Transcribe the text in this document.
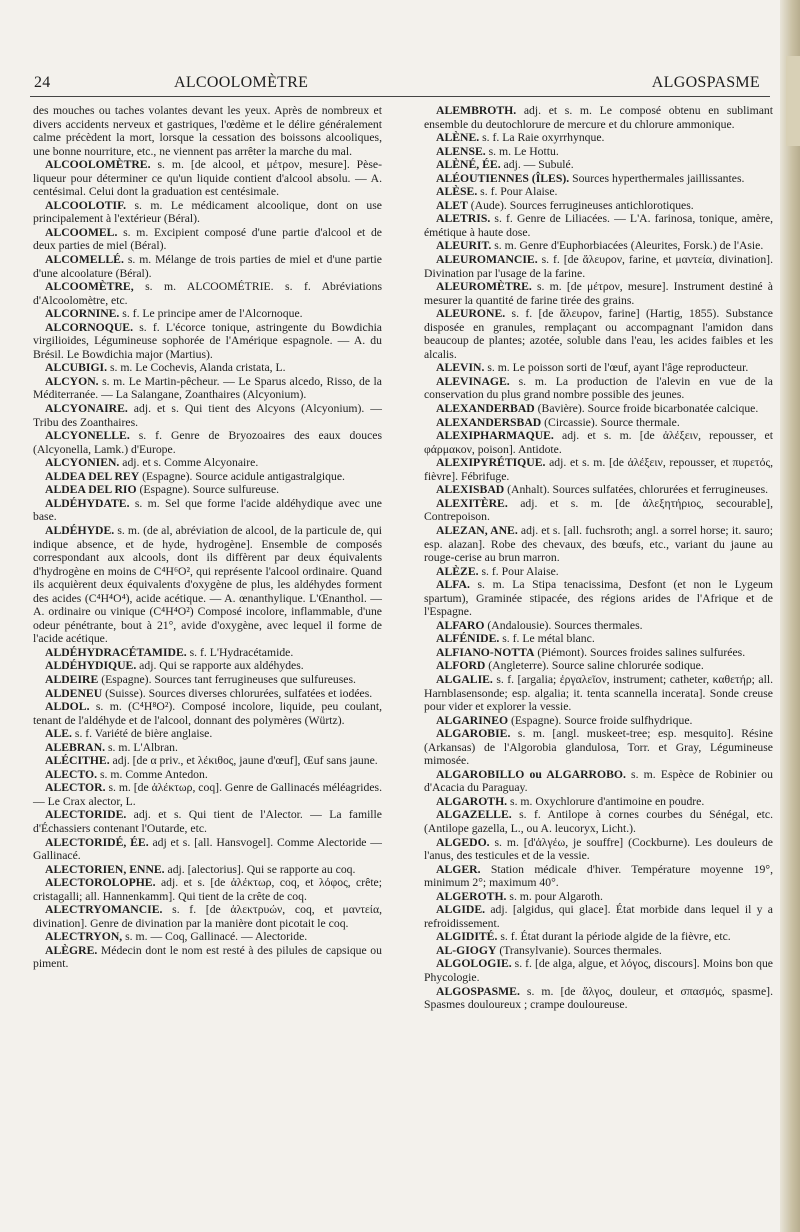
24	ALCOOLOMÈTRE	ALGOSPASME

des mouches ou taches volantes devant les yeux. Après de nombreux et divers accidents nerveux et gastriques, l'œdème et le délire généralement calme précèdent la mort, lorsque la cessation des boissons alcooliques, une bonne nourriture, etc., ne viennent pas arrêter la marche du mal.

ALCOOLOMÈTRE. s. m. [de alcool, et μέτρον, mesure]. Pèse-liqueur pour déterminer ce qu'un liquide contient d'alcool absolu. — A. centésimal. Celui dont la graduation est centésimale.

ALCOOLOTIF. s. m. Le médicament alcoolique, dont on use principalement à l'extérieur (Béral).

ALCOOMEL. s. m. Excipient composé d'une partie d'alcool et de deux parties de miel (Béral).

ALCOMELLÉ. s. m. Mélange de trois parties de miel et d'une partie d'une alcoolature (Béral).

ALCOOMÈTRE, s. m. ALCOOMÉTRIE. s. f. Abréviations d'Alcoolomètre, etc.

ALCORNINE. s. f. Le principe amer de l'Alcornoque.

ALCORNOQUE. s. f. L'écorce tonique, astringente du Bowdichia virgilioides, Légumineuse sophorée de l'Amérique espagnole. — A. du Brésil. Le Bowdichia major (Martius).

ALCUBIGI. s. m. Le Cochevis, Alanda cristata, L.

ALCYON. s. m. Le Martin-pêcheur. — Le Sparus alcedo, Risso, de la Méditerranée. — La Salangane, Zoanthaires (Alcyonium).

ALCYONAIRE. adj. et s. Qui tient des Alcyons (Alcyonium). — Tribu des Zoanthaires.

ALCYONELLE. s. f. Genre de Bryozoaires des eaux douces (Alcyonella, Lamk.) d'Europe.

ALCYONIEN. adj. et s. Comme Alcyonaire.

ALDEA DEL REY (Espagne). Source acidule antigastralgique.

ALDEA DEL RIO (Espagne). Source sulfureuse.

ALDÉHYDATE. s. m. Sel que forme l'acide aldéhydique avec une base.

ALDÉHYDE. s. m. (de al, abréviation de alcool, de la particule de, qui indique absence, et de hyde, hydrogène]. Ensemble de composés correspondant aux alcools, dont ils diffèrent par deux équivalents d'hydrogène en moins de C⁴H⁶O², qui représente l'alcool ordinaire. Quand ils acquièrent deux équivalents d'oxygène de plus, les aldéhydes forment des acides (C⁴H⁴O⁴), acide acétique. — A. œnanthylique. L'Œnanthol. — A. ordinaire ou vinique (C⁴H⁴O²) Composé incolore, inflammable, d'une odeur pénétrante, bout à 21°, avide d'oxygène, avec lequel il forme de l'acide acétique.

ALDÉHYDRACÉTAMIDE. s. f. L'Hydracétamide.

ALDÉHYDIQUE. adj. Qui se rapporte aux aldéhydes.

ALDEIRE (Espagne). Sources tant ferrugineuses que sulfureuses.

ALDENEU (Suisse). Sources diverses chlorurées, sulfatées et iodées.

ALDOL. s. m. (C⁴H⁸O²). Composé incolore, liquide, peu coulant, tenant de l'aldéhyde et de l'alcool, donnant des polymères (Würtz).

ALE. s. f. Variété de bière anglaise.

ALEBRAN. s. m. L'Albran.

ALÉCITHE. adj. [de α priv., et λέκιθος, jaune d'œuf], Œuf sans jaune.

ALECTO. s. m. Comme Antedon.

ALECTOR. s. m. [de ἀλέκτωρ, coq]. Genre de Gallinacés méléagrides. — Le Crax alector, L.

ALECTORIDE. adj. et s. Qui tient de l'Alector. — La famille d'Échassiers contenant l'Outarde, etc.

ALECTORIDÉ, ÉE. adj et s. [all. Hansvogel]. Comme Alectoride — Gallinacé.

ALECTORIEN, ENNE. adj. [alectorius]. Qui se rapporte au coq.

ALECTOROLOPHE. adj. et s. [de ἀλέκτωρ, coq, et λόφος, crête; cristagalli; all. Hannenkamm]. Qui tient de la crête de coq.

ALECTRYOMANCIE. s. f. [de ἀλεκτρυών, coq, et μαντεία, divination]. Genre de divination par la manière dont picotait le coq.

ALECTRYON, s. m. — Coq, Gallinacé. — Alectoride.

ALÈGRE. Médecin dont le nom est resté à des pilules de capsique ou piment.

ALEMBROTH. adj. et s. m. Le composé obtenu en sublimant ensemble du deutochlorure de mercure et du chlorure ammonique.

ALÈNE. s. f. La Raie oxyrrhynque.

ALENSE. s. m. Le Hottu.

ALÈNÉ, ÉE. adj. — Subulé.

ALÉOUTIENNES (ÎLES). Sources hyperthermales jaillissantes.

ALÈSE. s. f. Pour Alaise.

ALET (Aude). Sources ferrugineuses antichlorotiques.

ALETRIS. s. f. Genre de Liliacées. — L'A. farinosa, tonique, amère, émétique à haute dose.

ALEURIT. s. m. Genre d'Euphorbiacées (Aleurites, Forsk.) de l'Asie.

ALEUROMANCIE. s. f. [de ἄλευρον, farine, et μαντεία, divination]. Divination par l'usage de la farine.

ALEUROMÈTRE. s. m. [de μέτρον, mesure]. Instrument destiné à mesurer la quantité de farine tirée des grains.

ALEURONE. s. f. [de ἄλευρον, farine] (Hartig, 1855). Substance disposée en granules, remplaçant ou accompagnant l'amidon dans beaucoup de plantes; azotée, soluble dans l'eau, les acides faibles et les alcalis.

ALEVIN. s. m. Le poisson sorti de l'œuf, ayant l'âge reproducteur.

ALEVINAGE. s. m. La production de l'alevin en vue de la conservation du plus grand nombre possible des jeunes.

ALEXANDERBAD (Bavière). Source froide bicarbonatée calcique.

ALEXANDERSBAD (Circassie). Source thermale.

ALEXIPHARMAQUE. adj. et s. m. [de ἀλέξειν, repousser, et φάρμακον, poison]. Antidote.

ALEXIPYRÉTIQUE. adj. et s. m. [de ἀλέξειν, repousser, et πυρετός, fièvre]. Fébrifuge.

ALEXISBAD (Anhalt). Sources sulfatées, chlorurées et ferrugineuses.

ALEXITÈRE. adj. et s. m. [de ἀλεξητήριος, secourable], Contrepoison.

ALEZAN, ANE. adj. et s. [all. fuchsroth; angl. a sorrel horse; it. sauro; esp. alazan]. Robe des chevaux, des bœufs, etc., variant du jaune au rouge-cerise au brun marron.

ALÈZE. s. f. Pour Alaise.

ALFA. s. m. La Stipa tenacissima, Desfont (et non le Lygeum spartum), Graminée stipacée, des régions arides de l'Afrique et de l'Espagne.

ALFARO (Andalousie). Sources thermales.

ALFÉNIDE. s. f. Le métal blanc.

ALFIANO-NOTTA (Piémont). Sources froides salines sulfurées.

ALFORD (Angleterre). Source saline chlorurée sodique.

ALGALIE. s. f. [argalia; ἐργαλεῖον, instrument; catheter, καθετήρ; all. Harnblasensonde; esp. algalia; it. tenta scannella incerata]. Sonde creuse pour vider et explorer la vessie.

ALGARINEO (Espagne). Source froide sulfhydrique.

ALGAROBIE. s. m. [angl. muskeet-tree; esp. mesquito]. Résine (Arkansas) de l'Algorobia glandulosa, Torr. et Gray, Légumineuse mimosée.

ALGAROBILLO ou ALGARROBO. s. m. Espèce de Robinier ou d'Acacia du Paraguay.

ALGAROTH. s. m. Oxychlorure d'antimoine en poudre.

ALGAZELLE. s. f. Antilope à cornes courbes du Sénégal, etc. (Antilope gazella, L., ou A. leucoryx, Licht.).

ALGEDO. s. m. [d'ἀλγέω, je souffre] (Cockburne). Les douleurs de l'anus, des testicules et de la vessie.

ALGER. Station médicale d'hiver. Température moyenne 19°, minimum 2°; maximum 40°.

ALGEROTH. s. m. pour Algaroth.

ALGIDE. adj. [algidus, qui glace]. État morbide dans lequel il y a refroidissement.

ALGIDITÉ. s. f. État durant la période algide de la fièvre, etc.

AL-GIOGY (Transylvanie). Sources thermales.

ALGOLOGIE. s. f. [de alga, algue, et λόγος, discours]. Moins bon que Phycologie.

ALGOSPASME. s. m. [de ἄλγος, douleur, et σπασμός, spasme]. Spasmes douloureux ; crampe douloureuse.
